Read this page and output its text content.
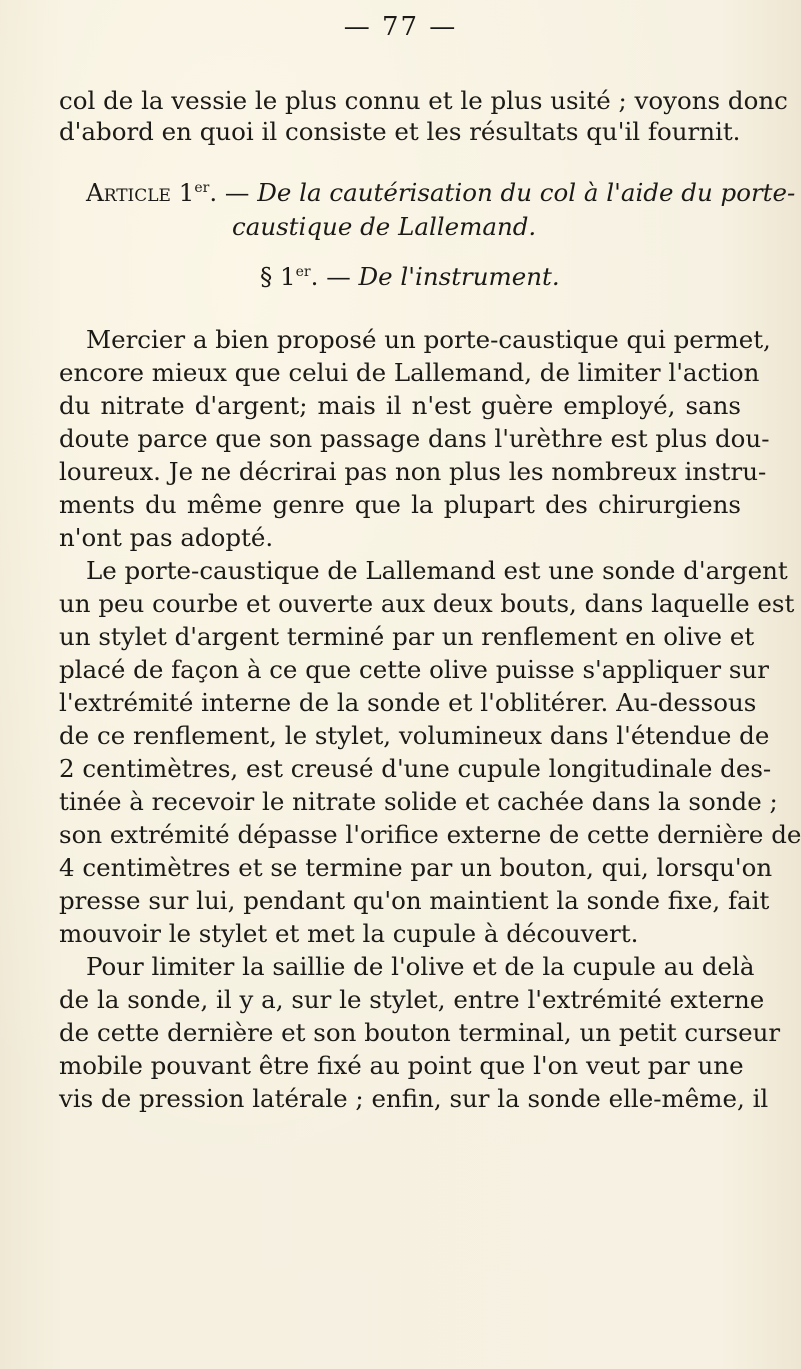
— 77 —
col de la vessie le plus connu et le plus usité ; voyons donc
d'abord en quoi il consiste et les résultats qu'il fournit.
Article 1er. — De la cautérisation du col à l'aide du porte-
caustique de Lallemand.
§ 1er. — De l'instrument.
Mercier a bien proposé un porte-caustique qui permet,
encore mieux que celui de Lallemand, de limiter l'action
du nitrate d'argent; mais il n'est guère employé, sans
doute parce que son passage dans l'urèthre est plus dou-
loureux. Je ne décrirai pas non plus les nombreux instru-
ments du même genre que la plupart des chirurgiens
n'ont pas adopté.
Le porte-caustique de Lallemand est une sonde d'argent
un peu courbe et ouverte aux deux bouts, dans laquelle est
un stylet d'argent terminé par un renflement en olive et
placé de façon à ce que cette olive puisse s'appliquer sur
l'extrémité interne de la sonde et l'oblitérer. Au-dessous
de ce renflement, le stylet, volumineux dans l'étendue de
2 centimètres, est creusé d'une cupule longitudinale des-
tinée à recevoir le nitrate solide et cachée dans la sonde ;
son extrémité dépasse l'orifice externe de cette dernière de
4 centimètres et se termine par un bouton, qui, lorsqu'on
presse sur lui, pendant qu'on maintient la sonde fixe, fait
mouvoir le stylet et met la cupule à découvert.
Pour limiter la saillie de l'olive et de la cupule au delà
de la sonde, il y a, sur le stylet, entre l'extrémité externe
de cette dernière et son bouton terminal, un petit curseur
mobile pouvant être fixé au point que l'on veut par une
vis de pression latérale ; enfin, sur la sonde elle-même, il
